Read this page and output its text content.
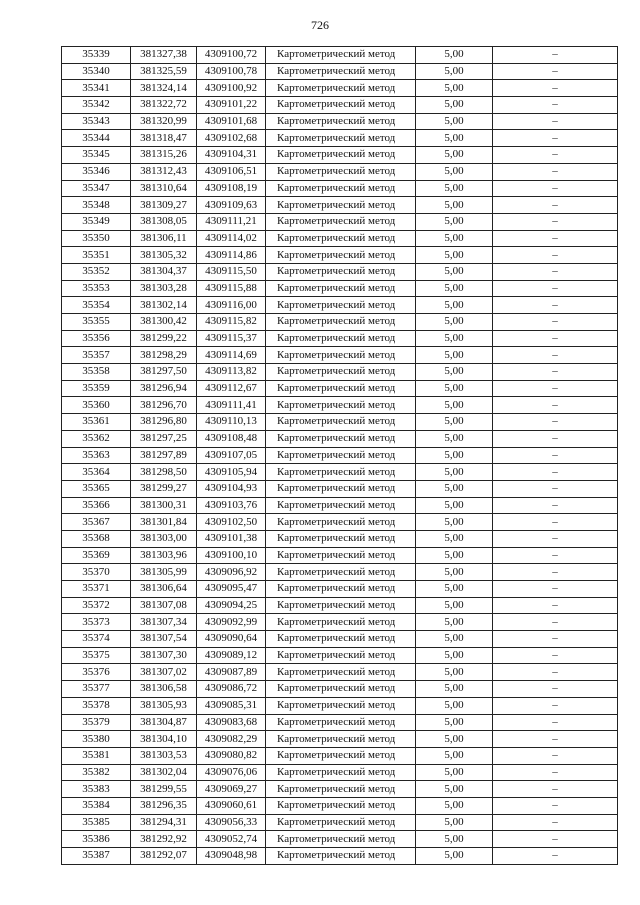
726
35339	381327,38	4309100,72	Картометрический метод	5,00	–
35340	381325,59	4309100,78	Картометрический метод	5,00	–
35341	381324,14	4309100,92	Картометрический метод	5,00	–
35342	381322,72	4309101,22	Картометрический метод	5,00	–
35343	381320,99	4309101,68	Картометрический метод	5,00	–
35344	381318,47	4309102,68	Картометрический метод	5,00	–
35345	381315,26	4309104,31	Картометрический метод	5,00	–
35346	381312,43	4309106,51	Картометрический метод	5,00	–
35347	381310,64	4309108,19	Картометрический метод	5,00	–
35348	381309,27	4309109,63	Картометрический метод	5,00	–
35349	381308,05	4309111,21	Картометрический метод	5,00	–
35350	381306,11	4309114,02	Картометрический метод	5,00	–
35351	381305,32	4309114,86	Картометрический метод	5,00	–
35352	381304,37	4309115,50	Картометрический метод	5,00	–
35353	381303,28	4309115,88	Картометрический метод	5,00	–
35354	381302,14	4309116,00	Картометрический метод	5,00	–
35355	381300,42	4309115,82	Картометрический метод	5,00	–
35356	381299,22	4309115,37	Картометрический метод	5,00	–
35357	381298,29	4309114,69	Картометрический метод	5,00	–
35358	381297,50	4309113,82	Картометрический метод	5,00	–
35359	381296,94	4309112,67	Картометрический метод	5,00	–
35360	381296,70	4309111,41	Картометрический метод	5,00	–
35361	381296,80	4309110,13	Картометрический метод	5,00	–
35362	381297,25	4309108,48	Картометрический метод	5,00	–
35363	381297,89	4309107,05	Картометрический метод	5,00	–
35364	381298,50	4309105,94	Картометрический метод	5,00	–
35365	381299,27	4309104,93	Картометрический метод	5,00	–
35366	381300,31	4309103,76	Картометрический метод	5,00	–
35367	381301,84	4309102,50	Картометрический метод	5,00	–
35368	381303,00	4309101,38	Картометрический метод	5,00	–
35369	381303,96	4309100,10	Картометрический метод	5,00	–
35370	381305,99	4309096,92	Картометрический метод	5,00	–
35371	381306,64	4309095,47	Картометрический метод	5,00	–
35372	381307,08	4309094,25	Картометрический метод	5,00	–
35373	381307,34	4309092,99	Картометрический метод	5,00	–
35374	381307,54	4309090,64	Картометрический метод	5,00	–
35375	381307,30	4309089,12	Картометрический метод	5,00	–
35376	381307,02	4309087,89	Картометрический метод	5,00	–
35377	381306,58	4309086,72	Картометрический метод	5,00	–
35378	381305,93	4309085,31	Картометрический метод	5,00	–
35379	381304,87	4309083,68	Картометрический метод	5,00	–
35380	381304,10	4309082,29	Картометрический метод	5,00	–
35381	381303,53	4309080,82	Картометрический метод	5,00	–
35382	381302,04	4309076,06	Картометрический метод	5,00	–
35383	381299,55	4309069,27	Картометрический метод	5,00	–
35384	381296,35	4309060,61	Картометрический метод	5,00	–
35385	381294,31	4309056,33	Картометрический метод	5,00	–
35386	381292,92	4309052,74	Картометрический метод	5,00	–
35387	381292,07	4309048,98	Картометрический метод	5,00	–
